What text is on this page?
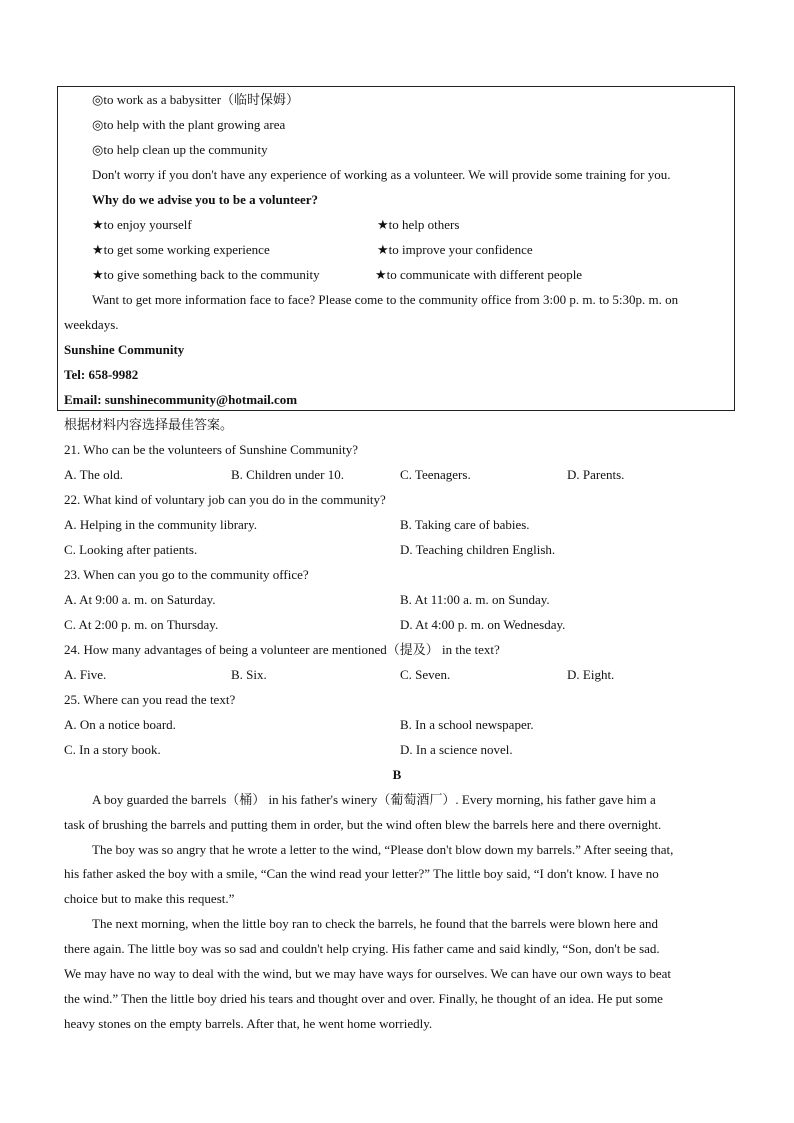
◎to work as a babysitter（临时保姆）
◎to help with the plant growing area
◎to help clean up the community
Don't worry if you don't have any experience of working as a volunteer. We will provide some training for you.
Why do we advise you to be a volunteer?
★to enjoy yourself	★to help others
★to get some working experience	★to improve your confidence
★to give something back to the community	★to communicate with different people
Want to get more information face to face? Please come to the community office from 3:00 p. m. to 5:30p. m. on
weekdays.
Sunshine Community
Tel: 658-9982
Email: sunshinecommunity@hotmail.com
根据材料内容选择最佳答案。
21. Who can be the volunteers of Sunshine Community?
A. The old.	B. Children under 10.	C. Teenagers.	D. Parents.
22. What kind of voluntary job can you do in the community?
A. Helping in the community library.	B. Taking care of babies.
C. Looking after patients.	D. Teaching children English.
23. When can you go to the community office?
A. At 9:00 a. m. on Saturday.	B. At 11:00 a. m. on Sunday.
C. At 2:00 p. m. on Thursday.	D. At 4:00 p. m. on Wednesday.
24. How many advantages of being a volunteer are mentioned（提及） in the text?
A. Five.	B. Six.	C. Seven.	D. Eight.
25. Where can you read the text?
A. On a notice board.	B. In a school newspaper.
C. In a story book.	D. In a science novel.
B
A boy guarded the barrels（桶） in his father's winery（葡萄酒厂）. Every morning, his father gave him a
task of brushing the barrels and putting them in order, but the wind often blew the barrels here and there overnight.
The boy was so angry that he wrote a letter to the wind, “Please don't blow down my barrels.” After seeing that,
his father asked the boy with a smile, “Can the wind read your letter?” The little boy said, “I don't know. I have no
choice but to make this request.”
The next morning, when the little boy ran to check the barrels, he found that the barrels were blown here and
there again. The little boy was so sad and couldn't help crying. His father came and said kindly, “Son, don't be sad.
We may have no way to deal with the wind, but we may have ways for ourselves. We can have our own ways to beat
the wind.” Then the little boy dried his tears and thought over and over. Finally, he thought of an idea. He put some
heavy stones on the empty barrels. After that, he went home worriedly.
